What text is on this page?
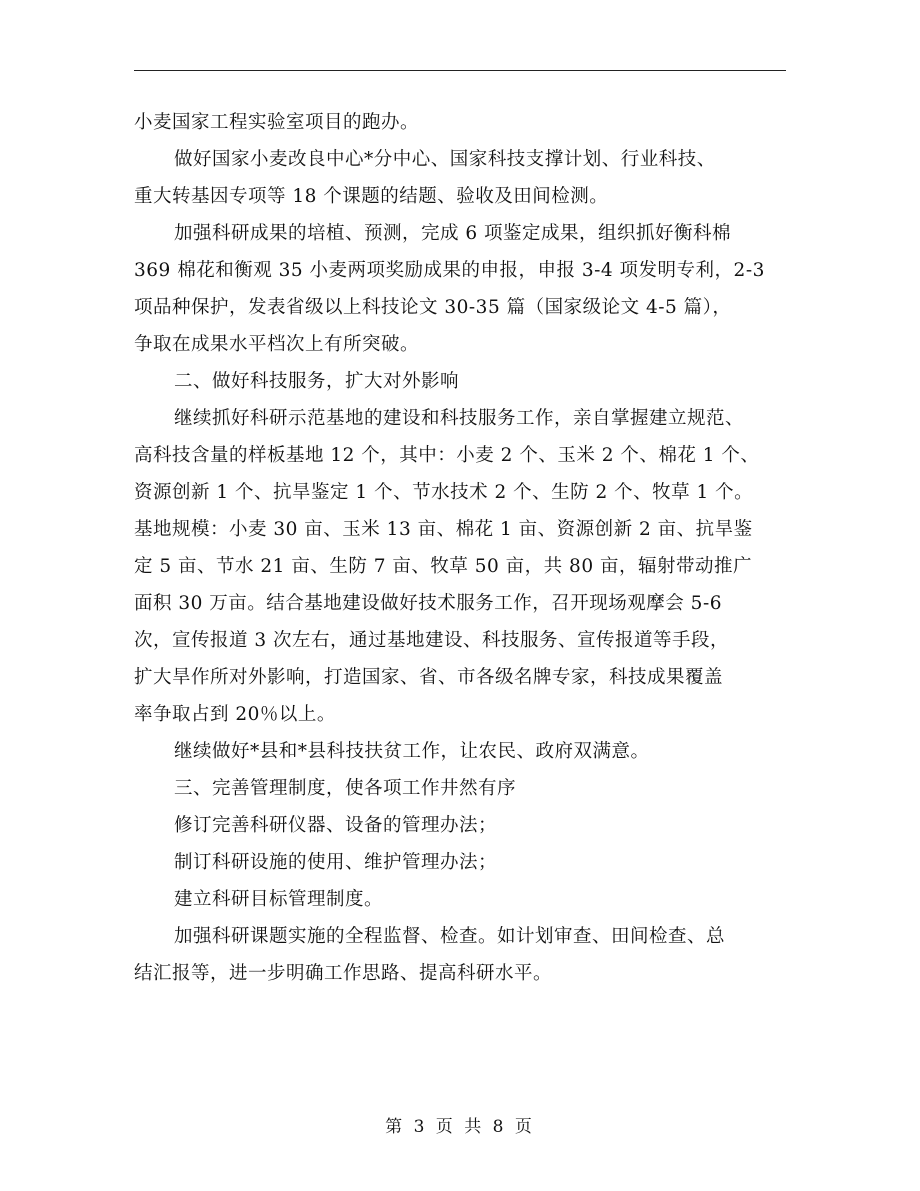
小麦国家工程实验室项目的跑办。
做好国家小麦改良中心*分中心、国家科技支撑计划、行业科技、
重大转基因专项等 18 个课题的结题、验收及田间检测。
加强科研成果的培植、预测，完成 6 项鉴定成果，组织抓好衡科棉
369 棉花和衡观 35 小麦两项奖励成果的申报，申报 3-4 项发明专利，2-3
项品种保护，发表省级以上科技论文 30-35 篇（国家级论文 4-5 篇），
争取在成果水平档次上有所突破。
二、做好科技服务，扩大对外影响
继续抓好科研示范基地的建设和科技服务工作，亲自掌握建立规范、
高科技含量的样板基地 12 个，其中：小麦 2 个、玉米 2 个、棉花 1 个、
资源创新 1 个、抗旱鉴定 1 个、节水技术 2 个、生防 2 个、牧草 1 个。
基地规模：小麦 30 亩、玉米 13 亩、棉花 1 亩、资源创新 2 亩、抗旱鉴
定 5 亩、节水 21 亩、生防 7 亩、牧草 50 亩，共 80 亩，辐射带动推广
面积 30 万亩。结合基地建设做好技术服务工作，召开现场观摩会 5-6
次，宣传报道 3 次左右，通过基地建设、科技服务、宣传报道等手段，
扩大旱作所对外影响，打造国家、省、市各级名牌专家，科技成果覆盖
率争取占到 20％以上。
继续做好*县和*县科技扶贫工作，让农民、政府双满意。
三、完善管理制度，使各项工作井然有序
修订完善科研仪器、设备的管理办法；
制订科研设施的使用、维护管理办法；
建立科研目标管理制度。
加强科研课题实施的全程监督、检查。如计划审查、田间检查、总
结汇报等，进一步明确工作思路、提高科研水平。
第 3 页 共 8 页
